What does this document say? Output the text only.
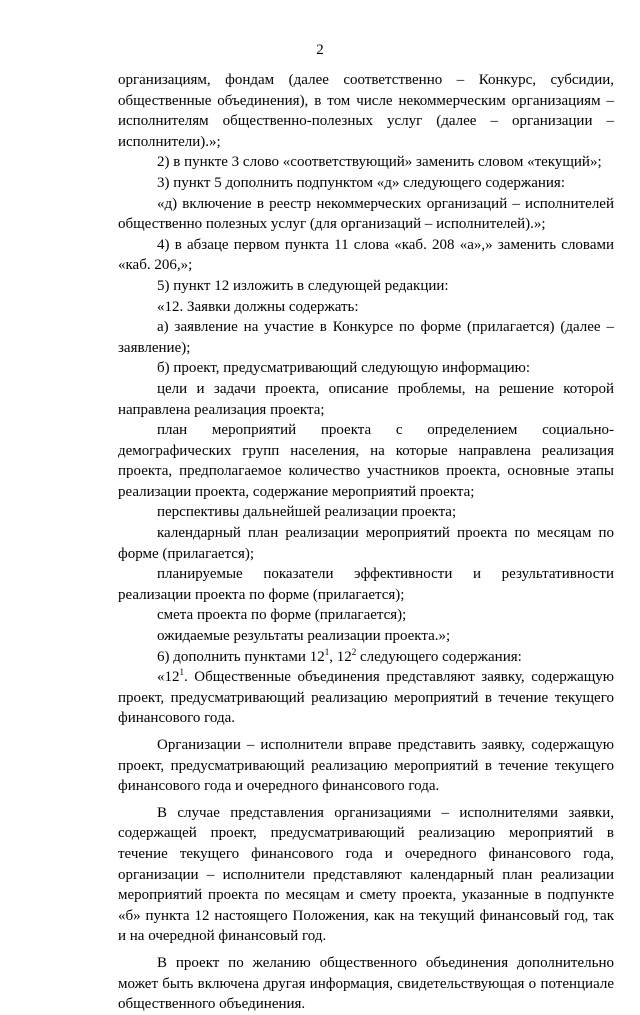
2

организациям, фондам (далее соответственно – Конкурс, субсидии, общественные объединения), в том числе некоммерческим организациям – исполнителям общественно-полезных услуг (далее – организации – исполнители).»;

2) в пункте 3 слово «соответствующий» заменить словом «текущий»;

3) пункт 5 дополнить подпунктом «д» следующего содержания:

«д) включение в реестр некоммерческих организаций – исполнителей общественно полезных услуг (для организаций – исполнителей).»;

4) в абзаце первом пункта 11 слова «каб. 208 «а»,» заменить словами «каб. 206,»;

5) пункт 12 изложить в следующей редакции:

«12. Заявки должны содержать:

а) заявление на участие в Конкурсе по форме (прилагается) (далее – заявление);

б) проект, предусматривающий следующую информацию:

цели и задачи проекта, описание проблемы, на решение которой направлена реализация проекта;

план мероприятий проекта с определением социально-демографических групп населения, на которые направлена реализация проекта, предполагаемое количество участников проекта, основные этапы реализации проекта, содержание мероприятий проекта;

перспективы дальнейшей реализации проекта;

календарный план реализации мероприятий проекта по месяцам по форме (прилагается);

планируемые показатели эффективности и результативности реализации проекта по форме (прилагается);

смета проекта по форме (прилагается);

ожидаемые результаты реализации проекта.»;

6) дополнить пунктами $12^1$, $12^2$ следующего содержания:

«$12^1$. Общественные объединения представляют заявку, содержащую проект, предусматривающий реализацию мероприятий в течение текущего финансового года.

Организации – исполнители вправе представить заявку, содержащую проект, предусматривающий реализацию мероприятий в течение текущего финансового года и очередного финансового года.

В случае представления организациями – исполнителями заявки, содержащей проект, предусматривающий реализацию мероприятий в течение текущего финансового года и очередного финансового года, организации – исполнители представляют календарный план реализации мероприятий проекта по месяцам и смету проекта, указанные в подпункте «б» пункта 12 настоящего Положения, как на текущий финансовый год, так и на очередной финансовый год.

В проект по желанию общественного объединения дополнительно может быть включена другая информация, свидетельствующая о потенциале общественного объединения.
